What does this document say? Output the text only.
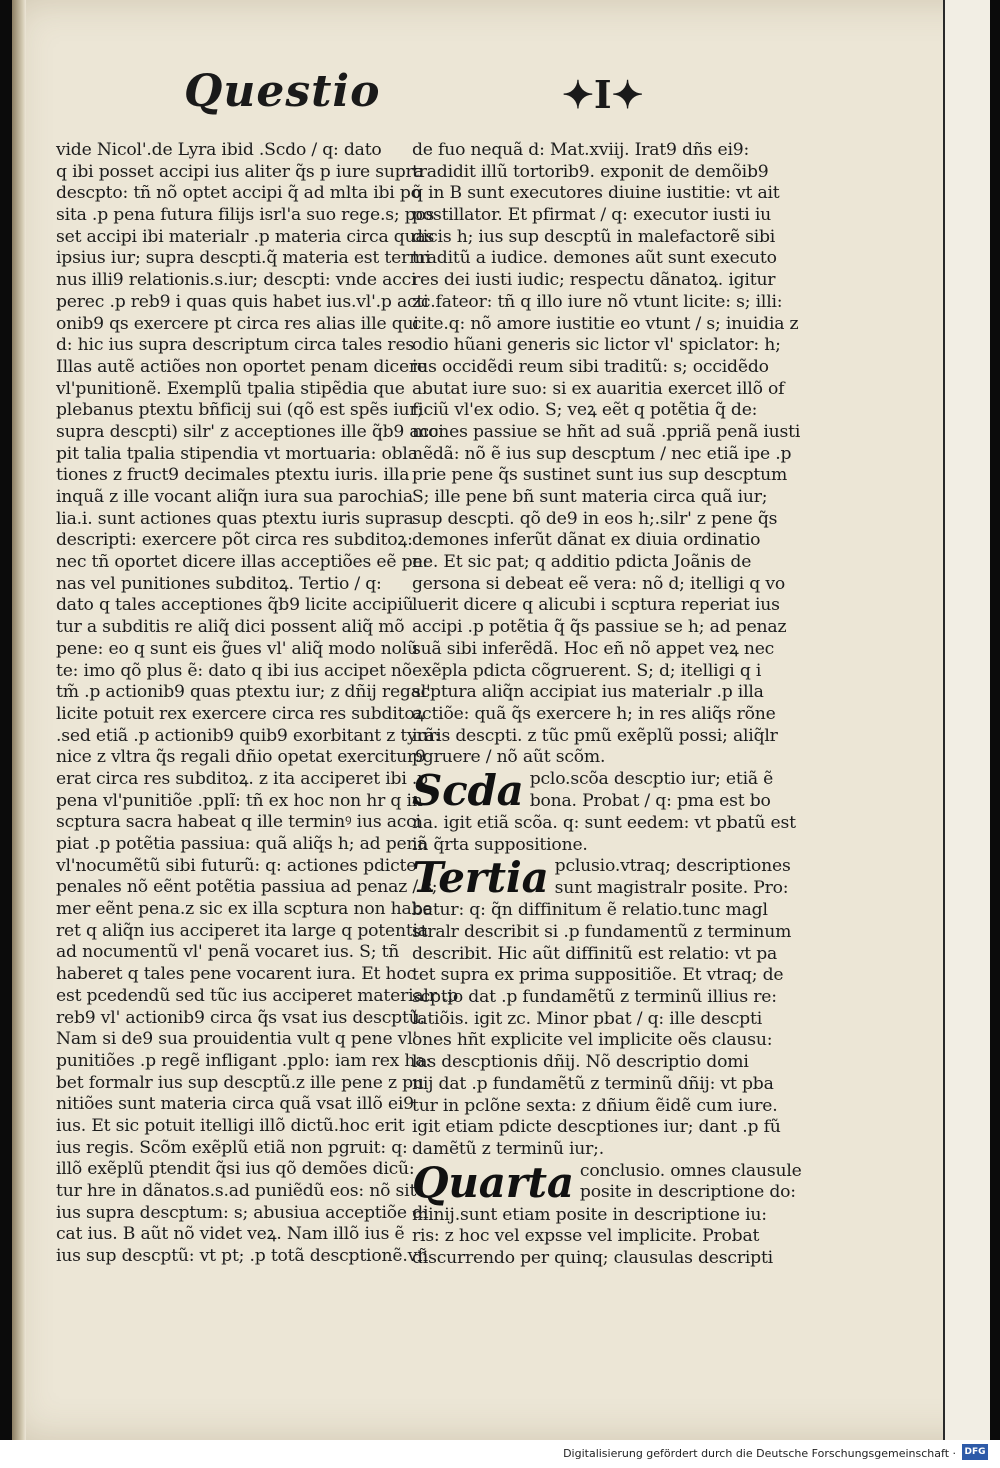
Questio	✦I✦
vide Nicol'.de Lyra ibid .Scdo / q: dato
q ibi posset accipi ius aliter q̃s p iure supra
descpto: tñ nõ optet accipi q̃ ad mlta ibi po
sita .p pena futura filijs isrl'a suo rege.s; pos
set accipi ibi materialr .p materia circa quas
ipsius iur; supra descpti.q̃ materia est termi
nus illi9 relationis.s.iur; descpti: vnde acci
perec .p reb9 i quas quis habet ius.vl'.p acti
onib9 qs exercere pt circa res alias ille qui
d: hic ius supra descriptum circa tales res
Illas autẽ actiões non oportet penam dicere
vl'punitionẽ. Exemplũ tpalia stipẽdia que
plebanus ptextu bñficij sui (qõ est spẽs iur;
supra descpti) silr' z acceptiones ille q̃b9 acci
pit talia tpalia stipendia vt mortuaria: obla
tiones z fruct9 decimales ptextu iuris. illa
inquã z ille vocant aliq̃n iura sua parochia
lia.i. sunt actiones quas ptextu iuris supra
descripti: exercere põt circa res subditoꝝ:
nec tñ oportet dicere illas acceptiões eẽ pe:
nas vel punitiones subditoꝝ. Tertio / q:
dato q tales acceptiones q̃b9 licite accipiũ
tur a subditis re aliq̃ dici possent aliq̃ mõ
pene: eo q sunt eis g̃ues vl' aliq̃ modo nolũ
te: imo qõ plus ẽ: dato q ibi ius accipet nõ
tm̃ .p actionib9 quas ptextu iur; z dñij regal'
licite potuit rex exercere circa res subditoꝝ
.sed etiã .p actionib9 quib9 exorbitant z tyrã:
nice z vltra q̃s regali dñio opetat exercitur9
erat circa res subditoꝝ. z ita acciperet ibi .p
pena vl'punitiõe .pplĩ: tñ ex hoc non hr q in
scptura sacra habeat q ille terminꝰ ius acci
piat .p potẽtia passiua: quã aliq̃s h; ad penã
vl'nocumẽtũ sibi futurũ: q: actiones pdicte
penales nõ eẽnt potẽtia passiua ad penaz / s;
mer eẽnt pena.z sic ex illa scptura non habe
ret q aliq̃n ius acciperet ita large q potentia
ad nocumentũ vl' penã vocaret ius. S; tñ
haberet q tales pene vocarent iura. Et hoc
est pcedendũ sed tũc ius acciperet materialr .p
reb9 vl' actionib9 circa q̃s vsat ius descptũ.
Nam si de9 sua prouidentia vult q pene vl'
punitiões .p regẽ infligant .pplo: iam rex ha:
bet formalr ius sup descptũ.z ille pene z pu
nitiões sunt materia circa quã vsat illõ ei9
ius. Et sic potuit itelligi illõ dictũ.hoc erit
ius regis. Scõm exẽplũ etiã non pgruit: q:
illõ exẽplũ ptendit q̃si ius qõ demões dicũ:
tur hre in dãnatos.s.ad puniẽdũ eos: nõ sit
ius supra descptum: s; abusiua acceptiõe di
cat ius. B aũt nõ videt veꝝ. Nam illõ ius ẽ
ius sup descptũ: vt pt; .p totã descptionẽ.vñ
de fuo nequã d: Mat.xviij. Irat9 dñs ei9:
tradidit illũ tortorib9. exponit de demõib9
q̃ in B sunt executores diuine iustitie: vt ait
postillator. Et pfirmat / q: executor iusti iu
dicis h; ius sup descptũ in malefactorẽ sibi
traditũ a iudice. demones aũt sunt executo
res dei iusti iudic; respectu dãnatoꝝ. igitur
zc.fateor: tñ q illo iure nõ vtunt licite: s; illi:
cite.q: nõ amore iustitie eo vtunt / s; inuidia z
odio hũani generis sic lictor vl' spiclator: h;
ius occidẽdi reum sibi traditũ: s; occidẽdo
abutat iure suo: si ex auaritia exercet illõ of
ficiũ vl'ex odio. S; veꝝ eẽt q potẽtia q̃ de:
mones passiue se hñt ad suã .ppriã penã iusti
nẽdã: nõ ẽ ius sup descptum / nec etiã ipe .p
prie pene q̃s sustinet sunt ius sup descptum
S; ille pene bñ sunt materia circa quã iur;
sup descpti. qõ de9 in eos h;.silr' z pene q̃s
demones inferũt dãnat ex diuia ordinatio
ne. Et sic pat; q additio pdicta Joãnis de
gersona si debeat eẽ vera: nõ d; itelligi q vo
luerit dicere q alicubi i scptura reperiat ius
accipi .p potẽtia q̃ q̃s passiue se h; ad penaz
suã sibi inferẽdã. Hoc eñ nõ appet veꝝ nec
exẽpla pdicta cõgruerent. S; d; itelligi q i
scptura aliq̃n accipiat ius materialr .p illa
actiõe: quã q̃s exercere h; in res aliq̃s rõne
iuris descpti. z tũc pmũ exẽplũ possi; aliq̃lr
pgruere / nõ aũt scõm.
Scda pclo.scõa descptio iur; etiã ẽ
bona. Probat / q: pma est bo
na. igit etiã scõa. q: sunt eedem: vt pbatũ est
in q̃rta suppositione.
Tertia pclusio.vtraq; descriptiones
sunt magistralr posite. Pro:
batur: q: q̃n diffinitum ẽ relatio.tunc magl
stralr describit si .p fundamentũ z terminum
describit. Hic aũt diffinitũ est relatio: vt pa
tet supra ex prima suppositiõe. Et vtraq; de
scptio dat .p fundamẽtũ z terminũ illius re:
latiõis. igit zc. Minor pbat / q: ille descpti
ones hñt explicite vel implicite oẽs clausu:
las descptionis dñij. Nõ descriptio domi
nij dat .p fundamẽtũ z terminũ dñij: vt pba
tur in pclõne sexta: z dñium ẽidẽ cum iure.
igit etiam pdicte descptiones iur; dant .p fũ
damẽtũ z terminũ iur;.
Quarta conclusio. omnes clausule
posite in descriptione do:
minij.sunt etiam posite in descriptione iu:
ris: z hoc vel expsse vel implicite. Probat
discurrendo per quinq; clausulas descripti
Digitalisierung gefördert durch die Deutsche Forschungsgemeinschaft · DFG
